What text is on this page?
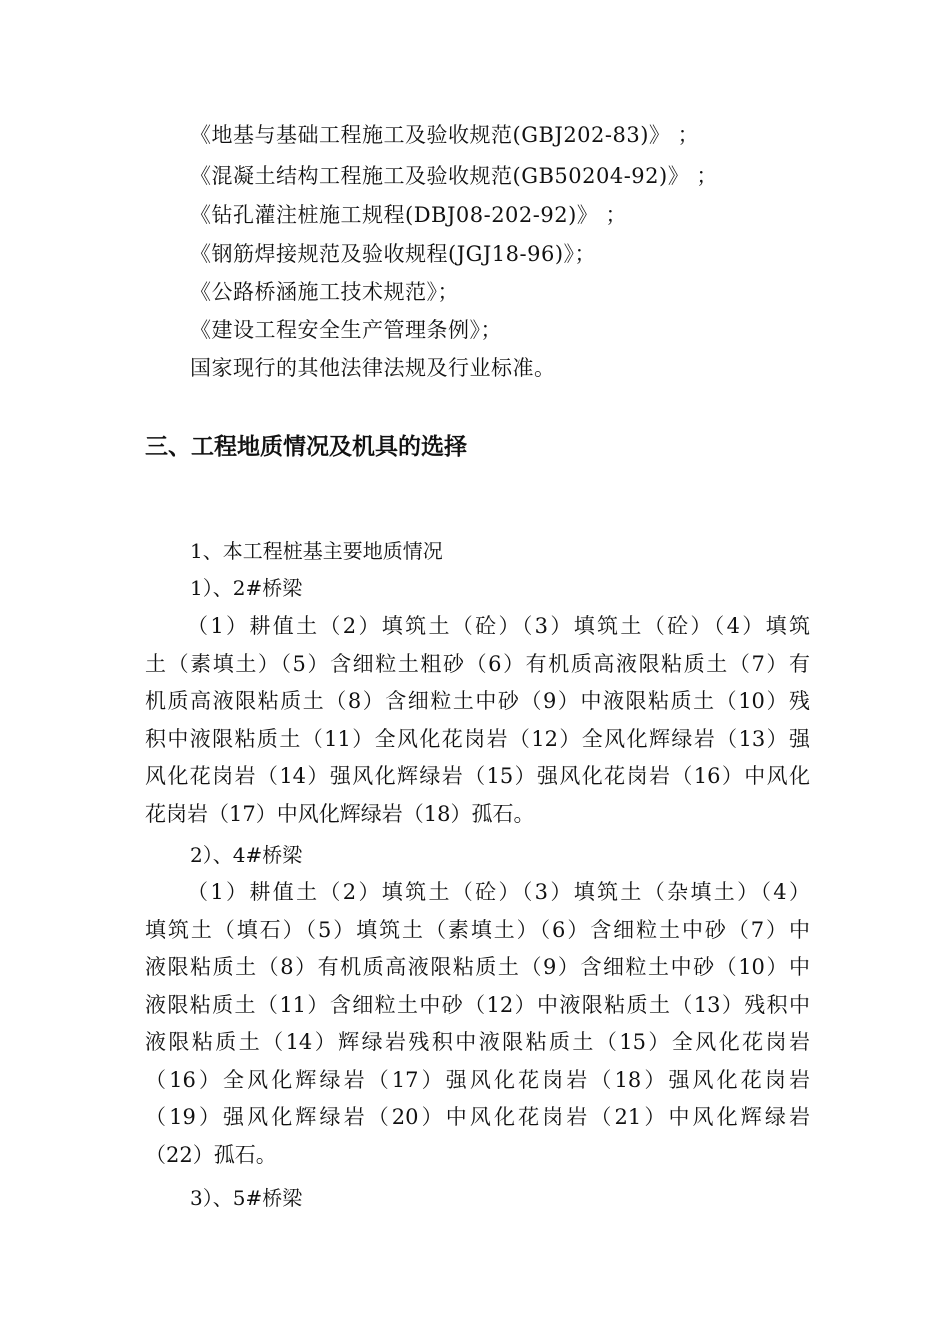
《地基与基础工程施工及验收规范(GBJ202-83)》 ；
《混凝土结构工程施工及验收规范(GB50204-92)》 ；
《钻孔灌注桩施工规程(DBJ08-202-92)》 ；
《钢筋焊接规范及验收规程(JGJ18-96)》；
《公路桥涵施工技术规范》；
《建设工程安全生产管理条例》；
国家现行的其他法律法规及行业标准。
三、工程地质情况及机具的选择
1、本工程桩基主要地质情况
1）、2#桥梁
（1）耕值土（2）填筑土（砼）（3）填筑土（砼）（4）填筑
土（素填土）（5）含细粒土粗砂（6）有机质高液限粘质土（7）有
机质高液限粘质土（8）含细粒土中砂（9）中液限粘质土（10）残
积中液限粘质土（11）全风化花岗岩（12）全风化辉绿岩（13）强
风化花岗岩（14）强风化辉绿岩（15）强风化花岗岩（16）中风化
花岗岩（17）中风化辉绿岩（18）孤石。
2）、4#桥梁
（1）耕值土（2）填筑土（砼）（3）填筑土（杂填土）（4）
填筑土（填石）（5）填筑土（素填土）（6）含细粒土中砂（7）中
液限粘质土（8）有机质高液限粘质土（9）含细粒土中砂（10）中
液限粘质土（11）含细粒土中砂（12）中液限粘质土（13）残积中
液限粘质土（14）辉绿岩残积中液限粘质土（15）全风化花岗岩
（16）全风化辉绿岩（17）强风化花岗岩（18）强风化花岗岩
（19）强风化辉绿岩（20）中风化花岗岩（21）中风化辉绿岩
（22）孤石。
3）、5#桥梁
